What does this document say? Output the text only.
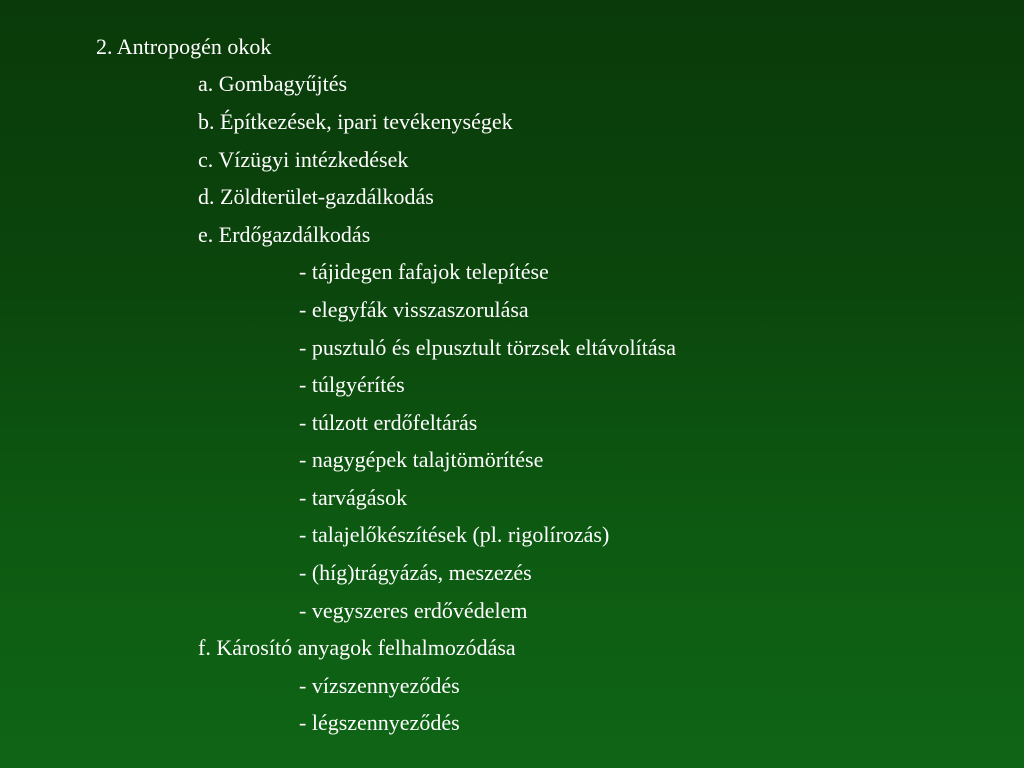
2. Antropogén okok
a. Gombagyűjtés
b. Építkezések, ipari tevékenységek
c. Vízügyi intézkedések
d. Zöldterület-gazdálkodás
e. Erdőgazdálkodás
- tájidegen fafajok telepítése
- elegyfák visszaszorulása
- pusztuló és elpusztult törzsek eltávolítása
- túlgyérítés
- túlzott erdőfeltárás
- nagygépek talajtömörítése
- tarvágások
- talajelőkészítések (pl. rigolírozás)
- (híg)trágyázás, meszezés
- vegyszeres erdővédelem
f. Károsító anyagok felhalmozódása
- vízszennyeződés
- légszennyeződés
